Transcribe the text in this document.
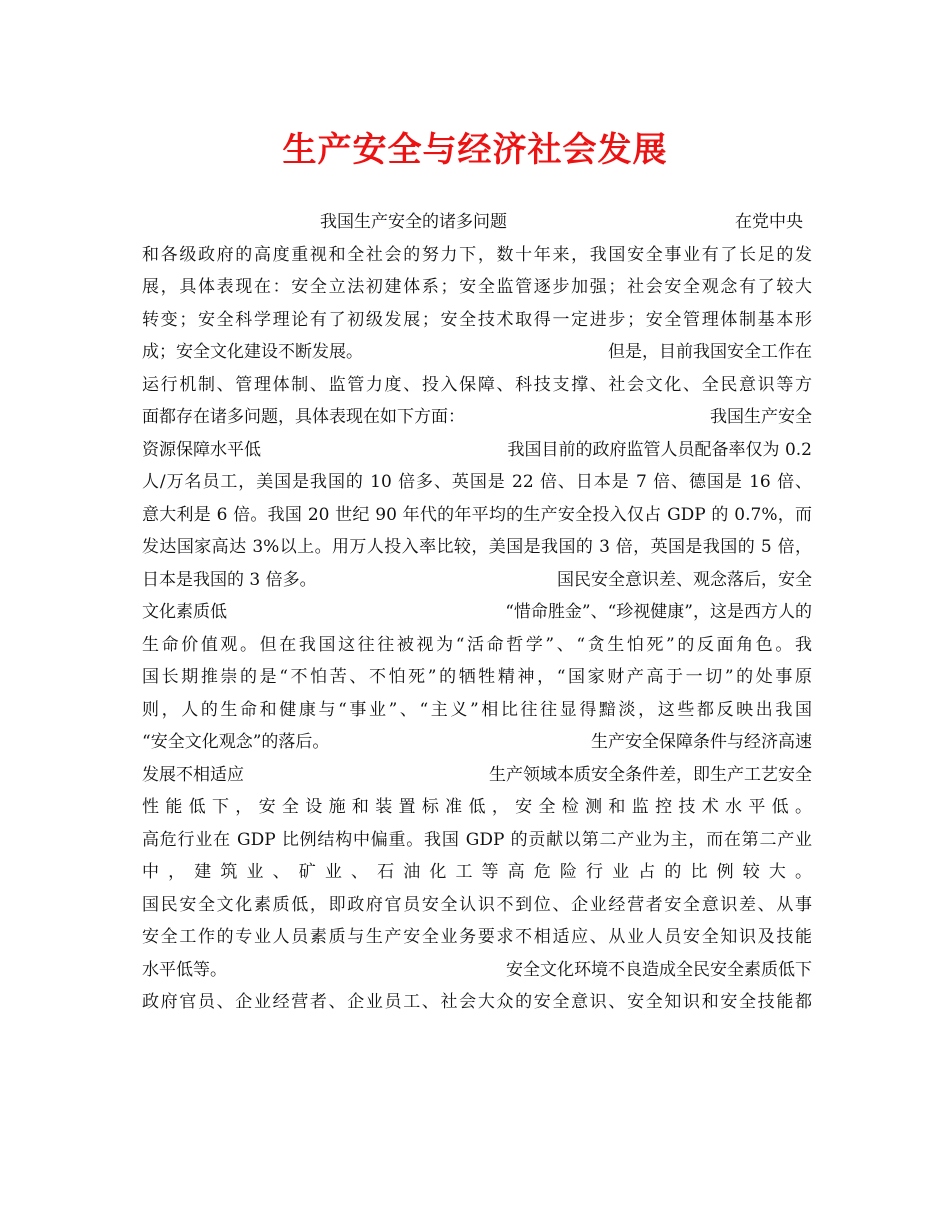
生产安全与经济社会发展
我国生产安全的诸多问题	在党中央
和各级政府的高度重视和全社会的努力下，数十年来，我国安全事业有了长足的发
展，具体表现在：安全立法初建体系；安全监管逐步加强；社会安全观念有了较大
转变；安全科学理论有了初级发展；安全技术取得一定进步；安全管理体制基本形
成；安全文化建设不断发展。	但是，目前我国安全工作在
运行机制、管理体制、监管力度、投入保障、科技支撑、社会文化、全民意识等方
面都存在诸多问题，具体表现在如下方面：	我国生产安全
资源保障水平低	我国目前的政府监管人员配备率仅为 0.2
人/万名员工，美国是我国的 10 倍多、英国是 22 倍、日本是 7 倍、德国是 16 倍、
意大利是 6 倍。我国 20 世纪 90 年代的年平均的生产安全投入仅占 GDP 的 0.7%，而
发达国家高达 3%以上。用万人投入率比较，美国是我国的 3 倍，英国是我国的 5 倍，
日本是我国的 3 倍多。	国民安全意识差、观念落后，安全
文化素质低	“惜命胜金”、“珍视健康”，这是西方人的
生命价值观。但在我国这往往被视为“活命哲学”、“贪生怕死”的反面角色。我
国长期推崇的是“不怕苦、不怕死”的牺牲精神，“国家财产高于一切”的处事原
则，人的生命和健康与“事业”、“主义”相比往往显得黯淡，这些都反映出我国
“安全文化观念”的落后。	生产安全保障条件与经济高速
发展不相适应	生产领域本质安全条件差，即生产工艺安全
性能低下，安全设施和装置标准低，安全检测和监控技术水平低。
高危行业在 GDP 比例结构中偏重。我国 GDP 的贡献以第二产业为主，而在第二产业
中，建筑业、矿业、石油化工等高危险行业占的比例较大。
国民安全文化素质低，即政府官员安全认识不到位、企业经营者安全意识差、从事
安全工作的专业人员素质与生产安全业务要求不相适应、从业人员安全知识及技能
水平低等。	安全文化环境不良造成全民安全素质低下
政府官员、企业经营者、企业员工、社会大众的安全意识、安全知识和安全技能都
